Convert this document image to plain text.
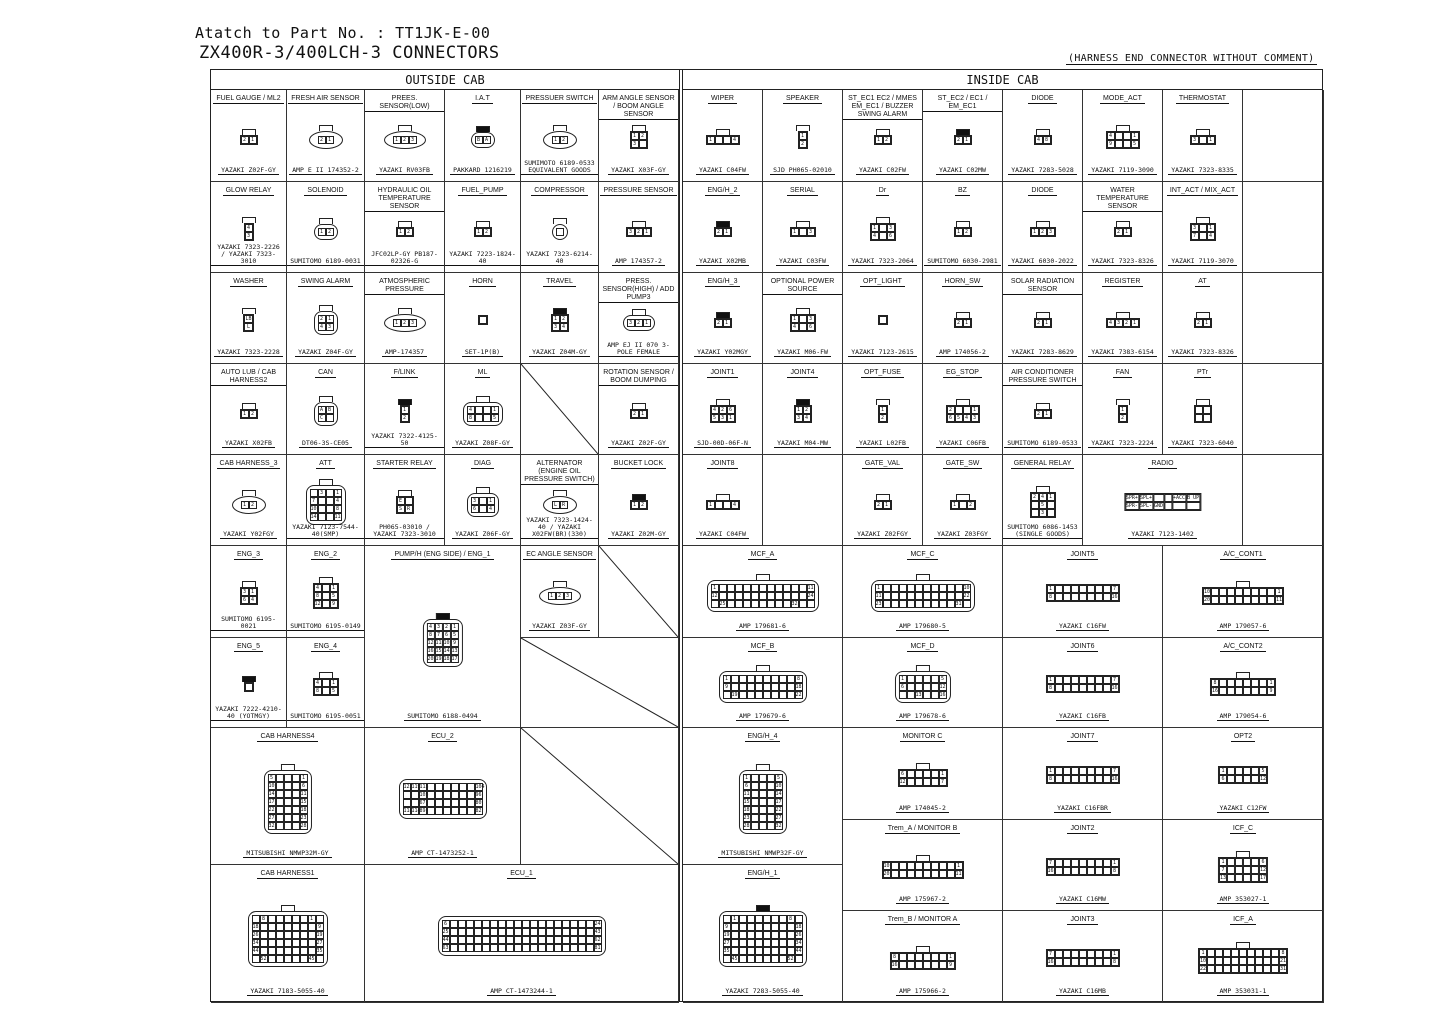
Atatch to Part No. : TT1JK-E-00
ZX400R-3/400LCH-3 CONNECTORS	(HARNESS END CONNECTOR WITHOUT COMMENT)
OUTSIDE CAB	INSIDE CAB
FUEL GAUGE / ML2
2 1
YAZAKI Z02F-GY
FRESH AIR SENSOR
2 1
AMP E II 174352-2
PREES. SENSOR(LOW)
1 2 3
YAZAKI RV03FB
I.A.T
B A
PAKKARD 1216219
PRESSUER SWITCH
1 2
SUMIMOTO 6189-0533 EQUIVALENT GOODS
ARM ANGLE SENSOR / BOOM ANGLE SENSOR
1 2
3
YAZAKI X03F-GY
GLOW RELAY
4
3
YAZAKI 7323-2226 / YAZAKI 7323-3010
SOLENOID
1 2
SUMITOMO 6189-0031
HYDRAULIC OIL TEMPERATURE SENSOR
1 2
JFC02LP-GY PB187-02326-G
FUEL_PUMP
1 2
YAZAKI 7223-1824-40
COMPRESSOR
YAZAKI 7323-6214-40
PRESSURE SENSOR
3 2 1
AMP 174357-2
WASHER
LB
L
YAZAKI 7323-2228
SWING ALARM
2 1
4 3
YAZAKI Z04F-GY
ATMOSPHERIC PRESSURE
1 2 3
AMP-174357
HORN
SET-1P(B)
TRAVEL
1 2
3 4
YAZAKI Z04M-GY
PRESS. SENSOR(HIGH) / ADD PUMP3
3 2 1
AMP EJ II 070 3-POLE FEMALE
AUTO LUB / CAB HARNESS2
1 2
YAZAKI X02FB
CAN
A B
C
DT06-3S-CE05
F/LINK
1
2
YAZAKI 7322-4125-50
ML
4	1
8	5
YAZAKI Z08F-GY
ROTATION SENSOR / BOOM DUMPING
2 1
YAZAKI Z02F-GY
CAB HARNESS_3
1 2
YAZAKI Y02FGY
ATT
3	1
7	4
10	8
14	11
YAZAKI 7123-7544-40(SMP)
STARTER RELAY
E
S R
PH065-03010 / YAZAKI 7323-3010
DIAG
3	1
6	4
YAZAKI Z06F-GY
ALTERNATOR (ENGINE OIL PRESSURE SWITCH)
L R
YAZAKI 7323-1424-40 / YAZAKI X02FW(BR)(330)
BUCKET LOCK
1 2
YAZAKI Z02M-GY
ENG_3
3 1
6 4
SUMITOMO 6195-0021
ENG_2
4	1
8	5
12	9
SUMITOMO 6195-0149
PUMP/H (ENG SIDE) / ENG_1
4	3	2	1
8	7	6	5
12 11 10 9
16 15 14 13
20 19 18 17
SUMITOMO 6188-0494
EC ANGLE SENSOR
1 2 3
YAZAKI Z03F-GY
ENG_5
YAZAKI 7222-4210-40 (YOTMGY)
ENG_4
4	1
8	5
SUMITOMO 6195-0051
CAB HARNESS4
5	1
10	6
14	11
17	15
22	18
27	23
32	28
MITSUBISHI NMWP32M-GY
ECU_2
122
119
113	104
105	96
67	80
118
114
89	82
AMP CT-1473252-1
CAB HARNESS1
8	1
18	9
26	19
34	27
44	35
52	45
YAZAKI 7183-5055-40
ECU_1
6	24
25	43
44	62
63	81
AMP CT-1473244-1
WIPER
1	4
YAZAKI C04FW
SPEAKER
1
2
SJD PH065-02010
ST_EC1 EC2 / MMES EM_EC1 / BUZZER SWING ALARM
1 2
YAZAKI C02FW
ST_EC2 / EC1 / EM_EC1
2 1
YAZAKI C02MW
DIODE
4 8
YAZAKI 7283-5028
MODE_ACT
4	1
9	5
YAZAKI 7119-3090
THERMOSTAT
3	1
YAZAKI 7323-8335
ENG/H_2
2 1
YAZAKI X02MB
SERIAL
1	3
YAZAKI C03FW
Dr
1	3
4	6
YAZAKI 7323-2064
BZ
1 2
SUMITOMO 6030-2981
DIODE
1 2 3
YAZAKI 6030-2022
WATER TEMPERATURE SENSOR
2 1
YAZAKI 7323-8326
INT_ACT / MIX_ACT
3	1
7	4
YAZAKI 7119-3070
ENG/H_3
2 1
YAZAKI Y02MGY
OPTIONAL POWER SOURCE
1	3
4	6
YAZAKI M06-FW
OPT_LIGHT
YAZAKI 7123-2615
HORN_SW
2 1
AMP 174056-2
SOLAR RADIATION SENSOR
2 1
YAZAKI 7283-8629
REGISTER
4 3 2 1
YAZAKI 7383-6154
AT
2 1
YAZAKI 7323-8326
JOINT1
4 2 6
5 3 1
SJD-00D-06F-N
JOINT4
1 2
3 4
YAZAKI M04-MW
OPT_FUSE
1
2
YAZAKI L02FB
EG_STOP
2	1
6 5 4 3
YAZAKI C06FB
AIR CONDITIONER PRESSURE SWITCH
2 1
SUMITOMO 6189-0533
FAN
1
2
YAZAKI 7323-2224
PTr
YAZAKI 7323-6040
JOINT8
1	4
YAZAKI C04FW
GATE_VAL
2 1
YAZAKI Z02FGY
GATE_SW
1	2
YAZAKI Z03FGY
GENERAL RELAY
2 4 1
5
3
SUMITOMO 6086-1453 (SINGLE GOODS)
RADIO
SPR+ SPL+	+ACC B UP
SPR- SPL- GND
YAZAKI 7123-1402
MCF_A
1	11
12	24
25	32
AMP 179681-6
MCF_C
1	10
11	22
23	31
AMP 179680-5
JOINT5
1	7
8	16
YAZAKI C16FW
A/C_CONT1
10	1
20	11
AMP 179057-6
MCF_B
1	8
9	18
19	22
AMP 179679-6
MCF_D
1	5
6	12
13	16
AMP 179678-6
JOINT6
1	7
8	16
YAZAKI C16FB
A/C_CONT2
8	1
16	9
AMP 179054-6
ENG/H_4
1	5
6	10
11	14
15	17
18	22
23	27
28	32
MITSUBISHI NMWP32F-GY
MONITOR C
6	1
12	7
AMP 174045-2
JOINT7
1	7
8	16
YAZAKI C16FBR
OPT2
1	5
6	12
YAZAKI C12FW
Trem_A / MONITOR B
10	1
20	11
AMP 175967-2
JOINT2
7	1
16	8
YAZAKI C16MW
ICF_C
1	6
7	12
13	17
AMP 353027-1
ENG/H_1
1	8
9	18
19	26
27	34
35	44
45	52
YAZAKI 7283-5055-40
Trem_B / MONITOR A
8	1
16	9
AMP 175966-2
JOINT3
7	1
16	8
YAZAKI C16MB
ICF_A
1	8
10	21
22	31
AMP 353031-1
